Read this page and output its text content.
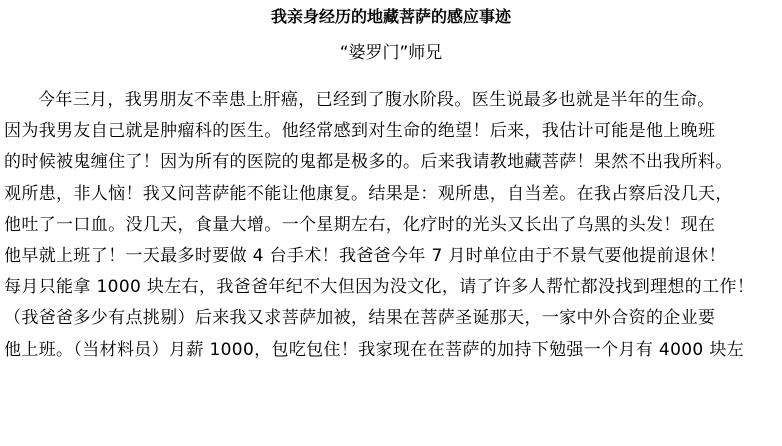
我亲身经历的地藏菩萨的感应事迹
“婆罗门”师兄
今年三月，我男朋友不幸患上肝癌，已经到了腹水阶段。医生说最多也就是半年的生命。
因为我男友自己就是肿瘤科的医生。他经常感到对生命的绝望！后来，我估计可能是他上晚班
的时候被鬼缠住了！因为所有的医院的鬼都是极多的。后来我请教地藏菩萨！果然不出我所料。
观所患，非人恼！我又问菩萨能不能让他康复。结果是：观所患，自当差。在我占察后没几天，
他吐了一口血。没几天，食量大增。一个星期左右，化疗时的光头又长出了乌黑的头发！现在
他早就上班了！一天最多时要做 4 台手术！我爸爸今年 7 月时单位由于不景气要他提前退休！
每月只能拿 1000 块左右，我爸爸年纪不大但因为没文化，请了许多人帮忙都没找到理想的工作！
（我爸爸多少有点挑剔）后来我又求菩萨加被，结果在菩萨圣诞那天，一家中外合资的企业要
他上班。（当材料员）月薪 1000，包吃包住！我家现在在菩萨的加持下勉强一个月有 4000 块左
